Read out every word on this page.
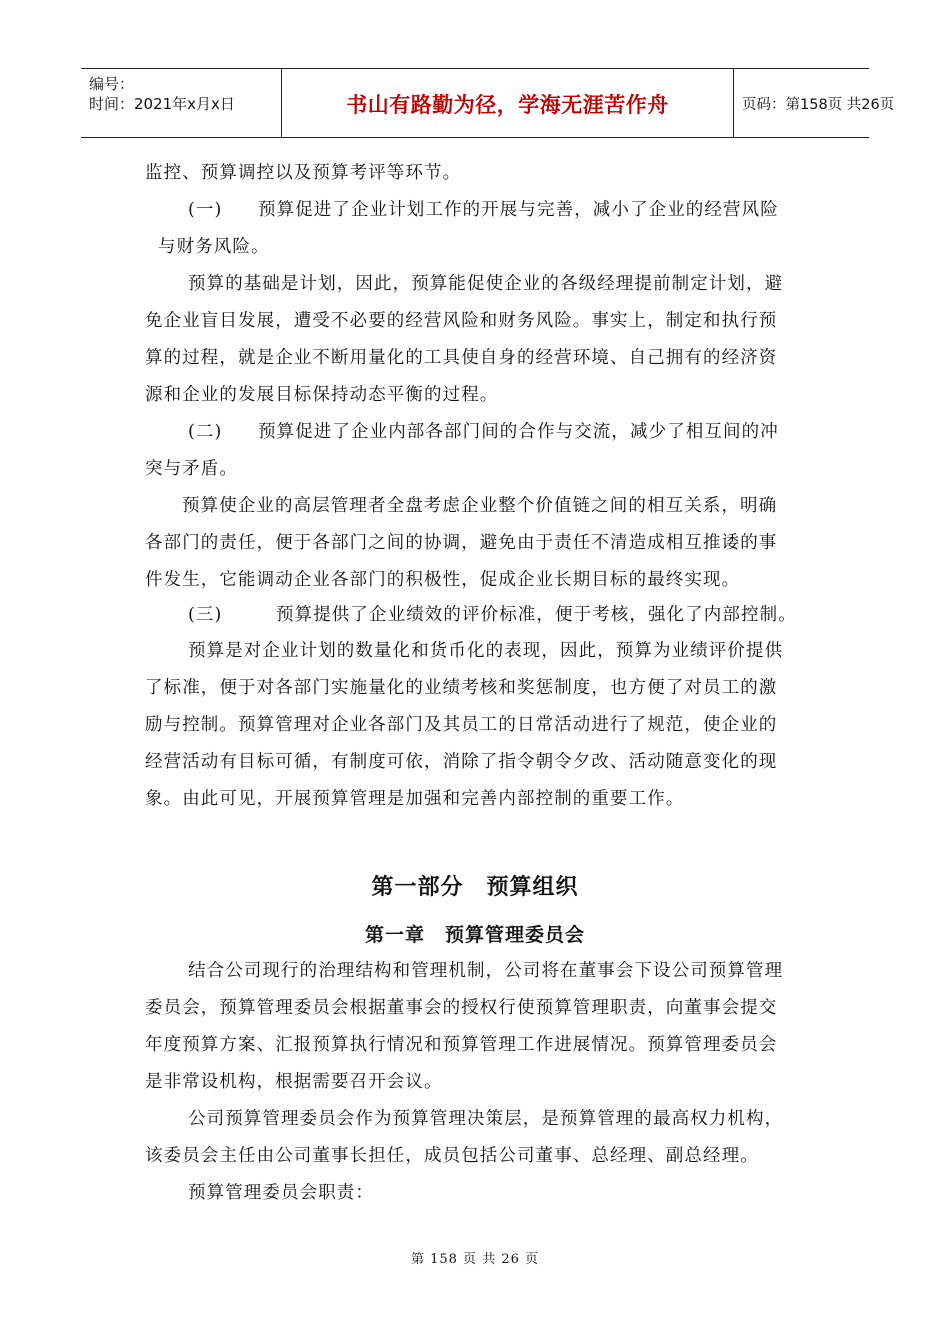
编号：
时间：2021年x月x日	书山有路勤为径，学海无涯苦作舟	页码：第158页 共26页
监控、预算调控以及预算考评等环节。
(一) 预算促进了企业计划工作的开展与完善，减小了企业的经营风险
与财务风险。
预算的基础是计划，因此，预算能促使企业的各级经理提前制定计划，避
免企业盲目发展，遭受不必要的经营风险和财务风险。事实上，制定和执行预
算的过程，就是企业不断用量化的工具使自身的经营环境、自己拥有的经济资
源和企业的发展目标保持动态平衡的过程。
(二) 预算促进了企业内部各部门间的合作与交流，减少了相互间的冲
突与矛盾。
预算使企业的高层管理者全盘考虑企业整个价值链之间的相互关系，明确
各部门的责任，便于各部门之间的协调，避免由于责任不清造成相互推诿的事
件发生，它能调动企业各部门的积极性，促成企业长期目标的最终实现。
(三)	预算提供了企业绩效的评价标准，便于考核，强化了内部控制。
预算是对企业计划的数量化和货币化的表现，因此，预算为业绩评价提供
了标准，便于对各部门实施量化的业绩考核和奖惩制度，也方便了对员工的激
励与控制。预算管理对企业各部门及其员工的日常活动进行了规范，使企业的
经营活动有目标可循，有制度可依，消除了指令朝令夕改、活动随意变化的现
象。由此可见，开展预算管理是加强和完善内部控制的重要工作。
第一部分　预算组织
第一章　预算管理委员会
结合公司现行的治理结构和管理机制，公司将在董事会下设公司预算管理
委员会，预算管理委员会根据董事会的授权行使预算管理职责，向董事会提交
年度预算方案、汇报预算执行情况和预算管理工作进展情况。预算管理委员会
是非常设机构，根据需要召开会议。
公司预算管理委员会作为预算管理决策层，是预算管理的最高权力机构，
该委员会主任由公司董事长担任，成员包括公司董事、总经理、副总经理。
预算管理委员会职责：
第 158 页 共 26 页
